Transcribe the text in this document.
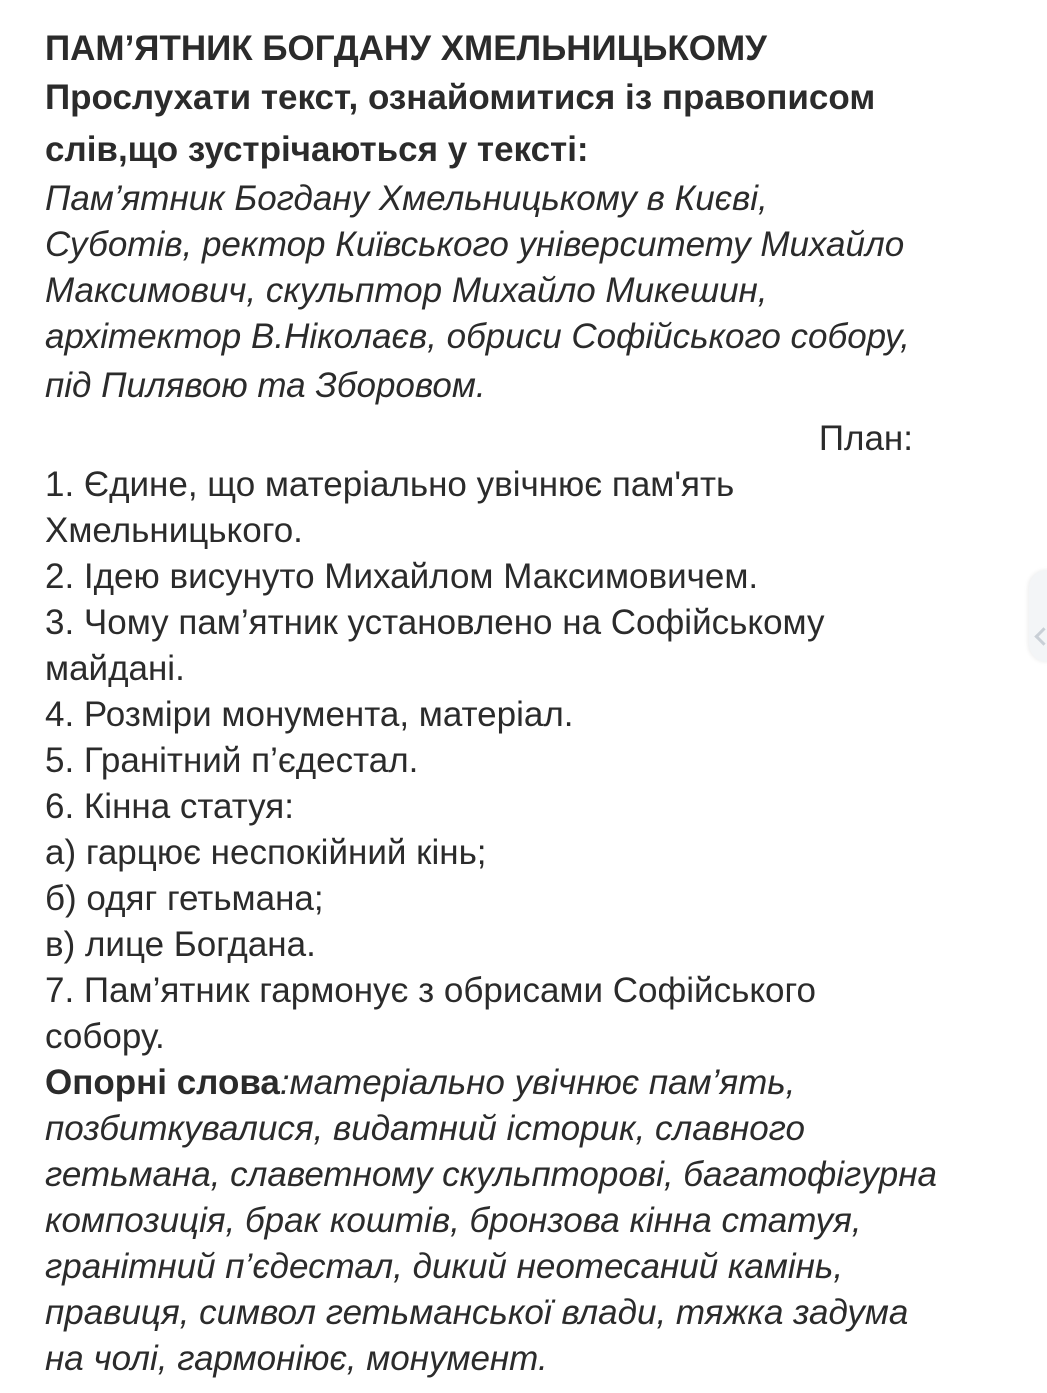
ПАМ’ЯТНИК БОГДАНУ ХМЕЛЬНИЦЬКОМУ

Прослухати текст, ознайомитися із правописом

слів,що зустрічаються у тексті:

Пам’ятник Богдану Хмельницькому в Києві,

Суботів, ректор Київського університету Михайло

Максимович, скульптор Михайло Микешин,

архітектор В.Ніколаєв, обриси Софійського собору,

під Пилявою та Зборовом.

План:

1. Єдине, що матеріально увічнює пам'ять

Хмельницького.

2. Ідею висунуто Михайлом Максимовичем.

3. Чому пам’ятник установлено на Софійському

майдані.

4. Розміри монумента, матеріал.

5. Гранітний п’єдестал.

6. Кінна статуя:

а) гарцює неспокійний кінь;

б) одяг гетьмана;

в) лице Богдана.

7. Пам’ятник гармонує з обрисами Софійського

собору.

Опорні слова:матеріально увічнює пам’ять,

позбиткувалися, видатний історик, славного

гетьмана, славетному скульпторові, багатофігурна

композиція, брак коштів, бронзова кінна статуя,

гранітний п’єдестал, дикий неотесаний камінь,

правиця, символ гетьманської влади, тяжка задума

на чолі, гармоніює, монумент.
